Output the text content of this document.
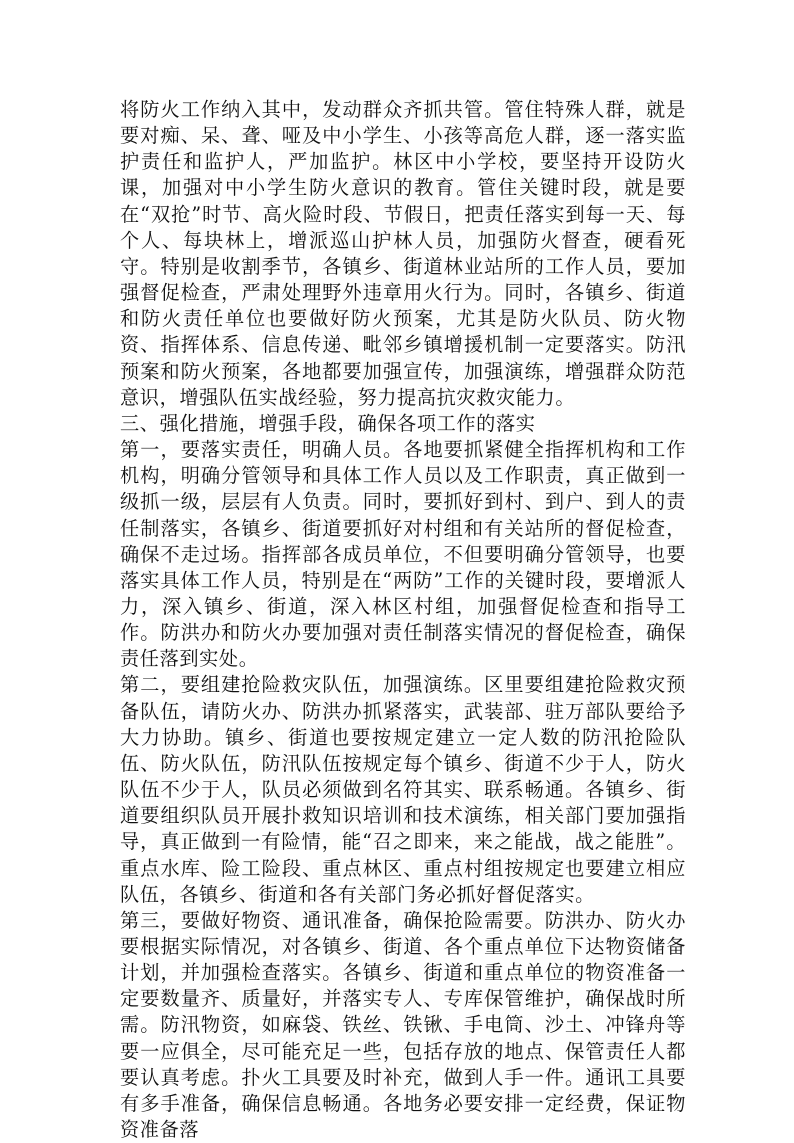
将防火工作纳入其中，发动群众齐抓共管。管住特殊人群，就是要对痴、呆、聋、哑及中小学生、小孩等高危人群，逐一落实监护责任和监护人，严加监护。林区中小学校，要坚持开设防火课，加强对中小学生防火意识的教育。管住关键时段，就是要在“双抢”时节、高火险时段、节假日，把责任落实到每一天、每个人、每块林上，增派巡山护林人员，加强防火督查，硬看死守。特别是收割季节，各镇乡、街道林业站所的工作人员，要加强督促检查，严肃处理野外违章用火行为。同时，各镇乡、街道和防火责任单位也要做好防火预案，尤其是防火队员、防火物资、指挥体系、信息传递、毗邻乡镇增援机制一定要落实。防汛预案和防火预案，各地都要加强宣传，加强演练，增强群众防范意识，增强队伍实战经验，努力提高抗灾救灾能力。

三、强化措施，增强手段，确保各项工作的落实

第一，要落实责任，明确人员。各地要抓紧健全指挥机构和工作机构，明确分管领导和具体工作人员以及工作职责，真正做到一级抓一级，层层有人负责。同时，要抓好到村、到户、到人的责任制落实，各镇乡、街道要抓好对村组和有关站所的督促检查，确保不走过场。指挥部各成员单位，不但要明确分管领导，也要落实具体工作人员，特别是在“两防”工作的关键时段，要增派人力，深入镇乡、街道，深入林区村组，加强督促检查和指导工作。防洪办和防火办要加强对责任制落实情况的督促检查，确保责任落到实处。

第二，要组建抢险救灾队伍，加强演练。区里要组建抢险救灾预备队伍，请防火办、防洪办抓紧落实，武装部、驻万部队要给予大力协助。镇乡、街道也要按规定建立一定人数的防汛抢险队伍、防火队伍，防汛队伍按规定每个镇乡、街道不少于人，防火队伍不少于人，队员必须做到名符其实、联系畅通。各镇乡、街道要组织队员开展扑救知识培训和技术演练，相关部门要加强指导，真正做到一有险情，能“召之即来，来之能战，战之能胜”。重点水库、险工险段、重点林区、重点村组按规定也要建立相应队伍，各镇乡、街道和各有关部门务必抓好督促落实。

第三，要做好物资、通讯准备，确保抢险需要。防洪办、防火办要根据实际情况，对各镇乡、街道、各个重点单位下达物资储备计划，并加强检查落实。各镇乡、街道和重点单位的物资准备一定要数量齐、质量好，并落实专人、专库保管维护，确保战时所需。防汛物资，如麻袋、铁丝、铁锹、手电筒、沙土、冲锋舟等要一应俱全，尽可能充足一些，包括存放的地点、保管责任人都要认真考虑。扑火工具要及时补充，做到人手一件。通讯工具要有多手准备，确保信息畅通。各地务必要安排一定经费，保证物资准备落
